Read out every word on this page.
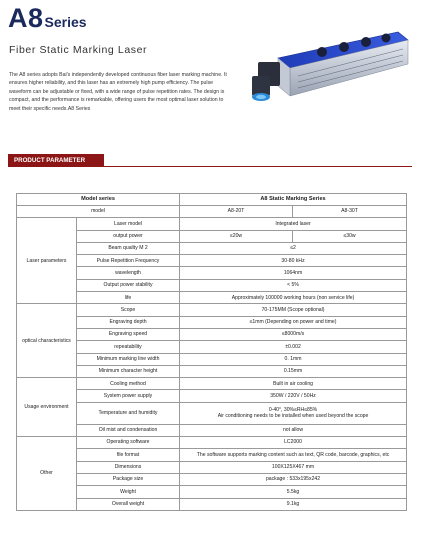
A8Series
Fiber Static Marking Laser
The A8 series adopts Bai's independently developed continuous fiber laser marking machine. It ensures higher reliability, and this laser has an extremely high pump efficiency. The pulse waveform can be adjustable or fixed, with a wide range of pulse repetition rates. The design is compact, and the performance is remarkable, offering users the most optimal laser solution to meet their specific needs.A8 Series
PRODUCT PARAMETER
Model series		A8 Static Marking Series	
model		A8-20T	A8-30T
Laser parameters	Laser model	Integrated laser	
	output power	≤20w	≤30w
	Beam quality M 2	≤2	
	Pulse Repetition Frequency	30-80 kHz	
	wavelength	1064nm	
	Output power stability	< 5%	
	life	Approximately 100000 working hours (non service life)	
optical characteristics	Scope	70-175MM (Scope optional)	
	Engraving depth	≤1mm (Depending on power and time)	
	Engraving speed	≤8000m/s	
	repeatability	±0.002	
	Minimum marking line width	0. 1mm	
	Minimum character height	0.15mm	
Usage environment	Cooling method	Built in air cooling	
	System power supply	350W / 220V / 50Hz	
	Temperature and humidity	0-40°, 30%≤RH≤85%
Air conditioning needs to be installed when used beyond the scope	

	Oil mist and condensation	not allow	
Other	Operating software	LC2000	
	file format	The software supports marking content such as text, QR code, barcode, graphics, etc	
	Dimensions	100X125X467 mm	
	Package size	package : 533x195x242	
	Weight	5.5kg	
	Overall weight	9.1kg	
